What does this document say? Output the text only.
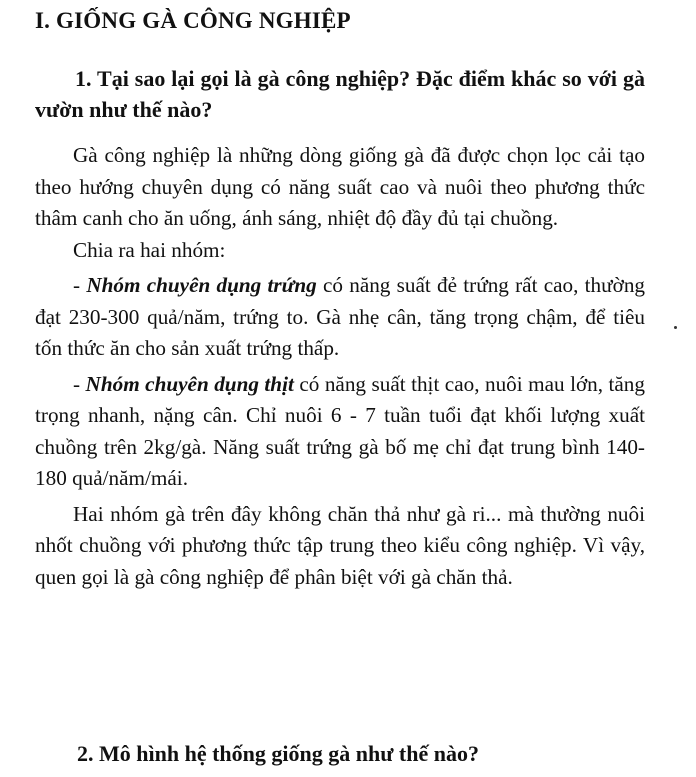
I. GIỐNG GÀ CÔNG NGHIỆP
1. Tại sao lại gọi là gà công nghiệp? Đặc điểm khác so với gà vườn như thế nào?

Gà công nghiệp là những dòng giống gà đã được chọn lọc cải tạo theo hướng chuyên dụng có năng suất cao và nuôi theo phương thức thâm canh cho ăn uống, ánh sáng, nhiệt độ đầy đủ tại chuồng.

Chia ra hai nhóm:

- Nhóm chuyên dụng trứng có năng suất đẻ trứng rất cao, thường đạt 230-300 quả/năm, trứng to. Gà nhẹ cân, tăng trọng chậm, để tiêu tốn thức ăn cho sản xuất trứng thấp.

- Nhóm chuyên dụng thịt có năng suất thịt cao, nuôi mau lớn, tăng trọng nhanh, nặng cân. Chỉ nuôi 6 - 7 tuần tuổi đạt khối lượng xuất chuồng trên 2kg/gà. Năng suất trứng gà bố mẹ chỉ đạt trung bình 140-180 quả/năm/mái.

Hai nhóm gà trên đây không chăn thả như gà ri... mà thường nuôi nhốt chuồng với phương thức tập trung theo kiểu công nghiệp. Vì vậy, quen gọi là gà công nghiệp để phân biệt với gà chăn thả.

2. Mô hình hệ thống giống gà như thế nào?
